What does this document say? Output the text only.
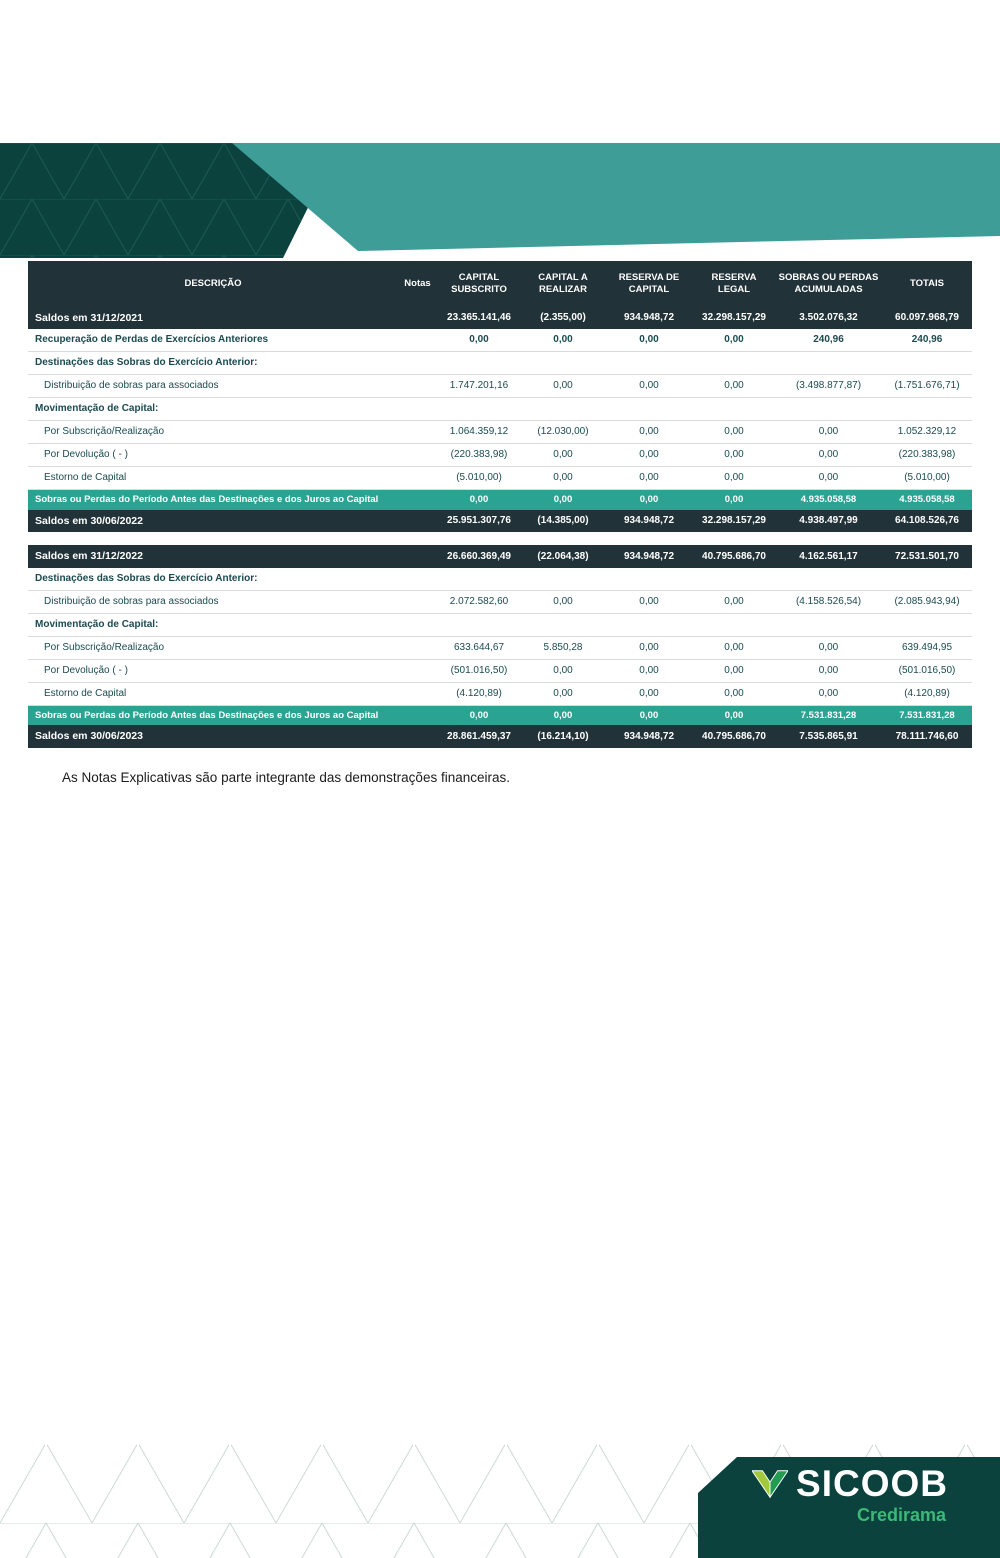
DESCRIÇÃO	Notas	CAPITAL SUBSCRITO	CAPITAL A REALIZAR	RESERVA DE CAPITAL	RESERVA LEGAL	SOBRAS OU PERDAS ACUMULADAS	TOTAIS
Saldos em 31/12/2021		23.365.141,46	(2.355,00)	934.948,72	32.298.157,29	3.502.076,32	60.097.968,79
Recuperação de Perdas de Exercícios Anteriores		0,00	0,00	0,00	0,00	240,96	240,96
Destinações das Sobras do Exercício Anterior:							
Distribuição de sobras para associados		1.747.201,16	0,00	0,00	0,00	(3.498.877,87)	(1.751.676,71)
Movimentação de Capital:							
Por Subscrição/Realização		1.064.359,12	(12.030,00)	0,00	0,00	0,00	1.052.329,12
Por Devolução ( - )		(220.383,98)	0,00	0,00	0,00	0,00	(220.383,98)
Estorno de Capital		(5.010,00)	0,00	0,00	0,00	0,00	(5.010,00)
Sobras ou Perdas do Período Antes das Destinações e dos Juros ao Capital		0,00	0,00	0,00	0,00	4.935.058,58	4.935.058,58
Saldos em 30/06/2022		25.951.307,76	(14.385,00)	934.948,72	32.298.157,29	4.938.497,99	64.108.526,76

Saldos em 31/12/2022		26.660.369,49	(22.064,38)	934.948,72	40.795.686,70	4.162.561,17	72.531.501,70
Destinações das Sobras do Exercício Anterior:							
Distribuição de sobras para associados		2.072.582,60	0,00	0,00	0,00	(4.158.526,54)	(2.085.943,94)
Movimentação de Capital:							
Por Subscrição/Realização		633.644,67	5.850,28	0,00	0,00	0,00	639.494,95
Por Devolução ( - )		(501.016,50)	0,00	0,00	0,00	0,00	(501.016,50)
Estorno de Capital		(4.120,89)	0,00	0,00	0,00	0,00	(4.120,89)
Sobras ou Perdas do Período Antes das Destinações e dos Juros ao Capital		0,00	0,00	0,00	0,00	7.531.831,28	7.531.831,28
Saldos em 30/06/2023		28.861.459,37	(16.214,10)	934.948,72	40.795.686,70	7.535.865,91	78.111.746,60
As Notas Explicativas são parte integrante das demonstrações financeiras.
SICOOB
Credirama
